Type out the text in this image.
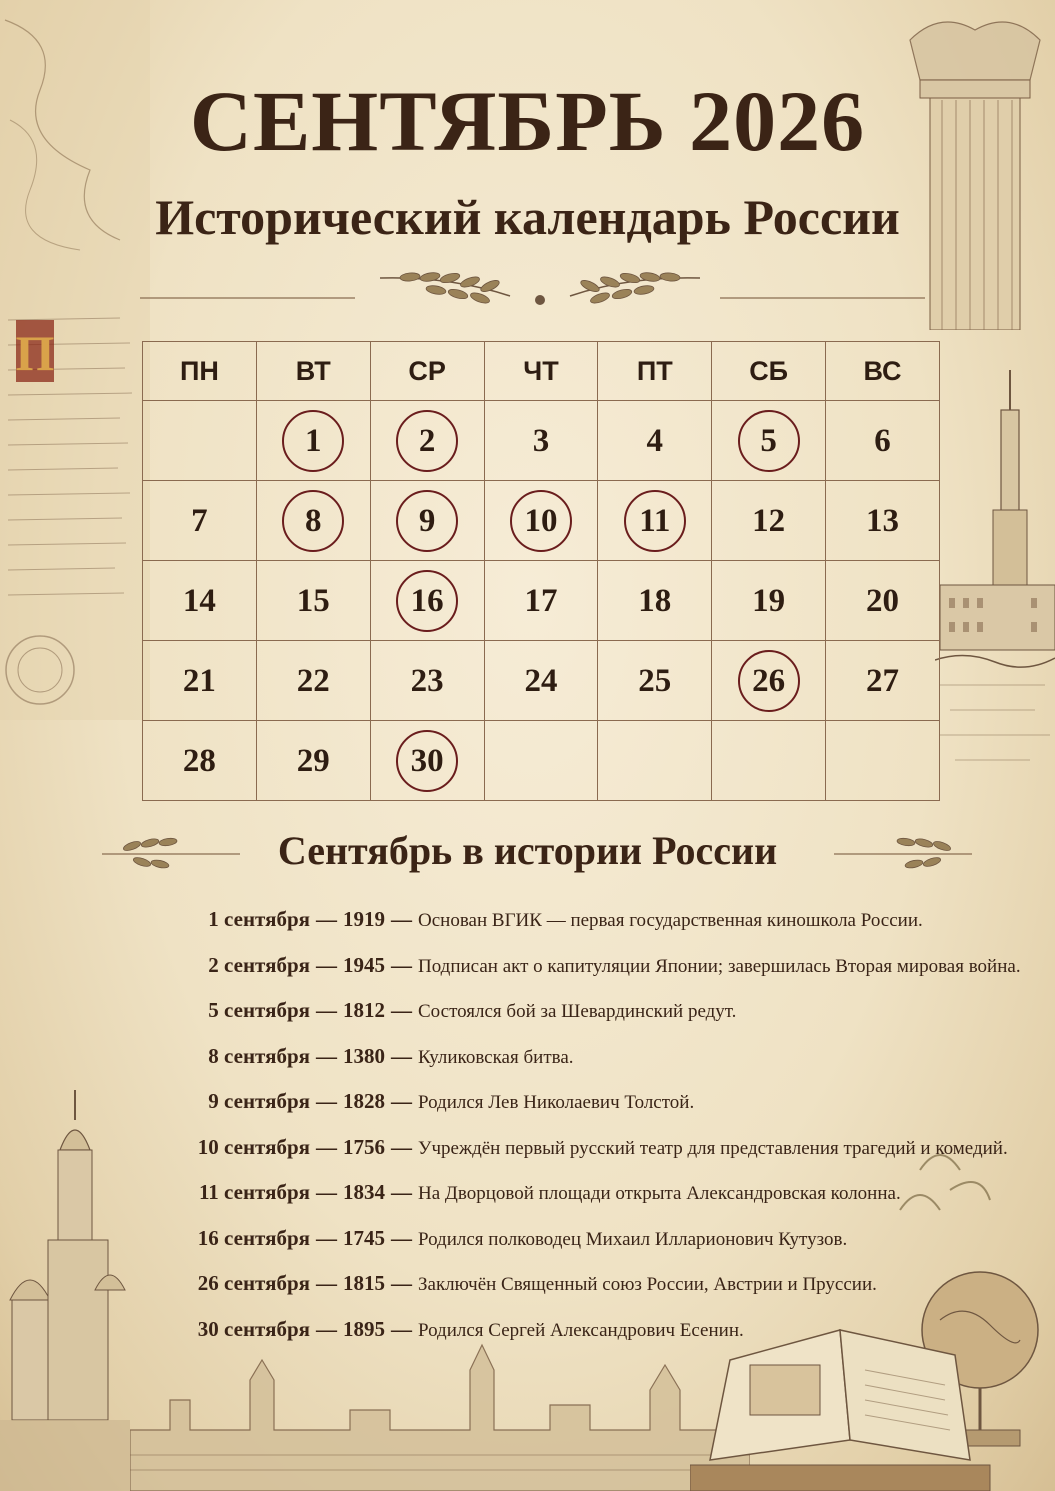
П
СЕНТЯБРЬ 2026
Исторический календарь России
ПН	ВТ	СР	ЧТ	ПТ	СБ	ВС
	1	2	3	4	5	6
7	8	9	10	11	12	13
14	15	16	17	18	19	20
21	22	23	24	25	26	27
28	29	30				
Сентябрь в истории России
1 сентября — 1919 — Основан ВГИК — первая государственная киношкола России.
2 сентября — 1945 — Подписан акт о капитуляции Японии; завершилась Вторая мировая война.
5 сентября — 1812 — Состоялся бой за Шевардинский редут.
8 сентября — 1380 — Куликовская битва.
9 сентября — 1828 — Родился Лев Николаевич Толстой.
10 сентября — 1756 — Учреждён первый русский театр для представления трагедий и комедий.
11 сентября — 1834 — На Дворцовой площади открыта Александровская колонна.
16 сентября — 1745 — Родился полководец Михаил Илларионович Кутузов.
26 сентября — 1815 — Заключён Священный союз России, Австрии и Пруссии.
30 сентября — 1895 — Родился Сергей Александрович Есенин.
